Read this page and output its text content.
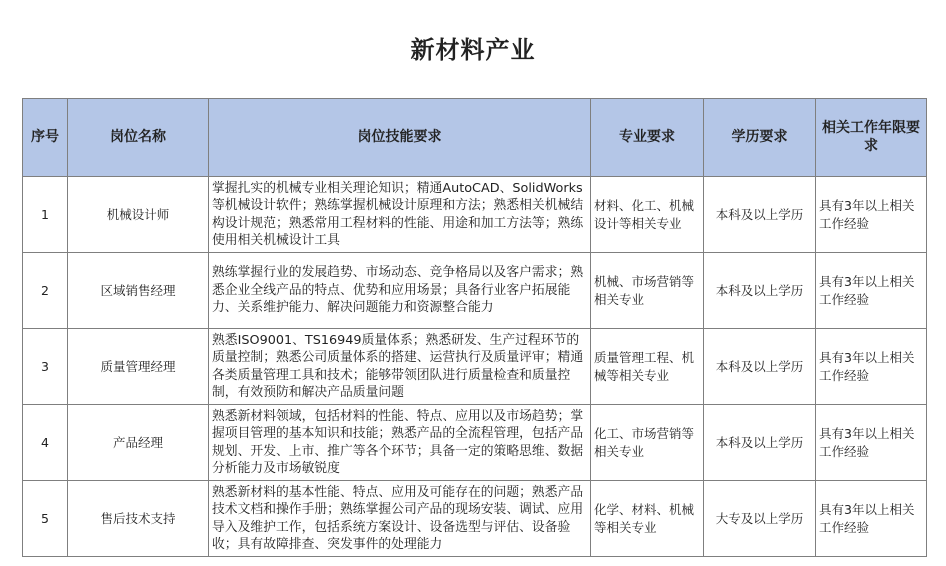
新材料产业
序号	岗位名称	岗位技能要求	专业要求	学历要求	相关工作年限要求
1	机械设计师	掌握扎实的机械专业相关理论知识；精通AutoCAD、SolidWorks等机械设计软件；熟练掌握机械设计原理和方法；熟悉相关机械结构设计规范；熟悉常用工程材料的性能、用途和加工方法等；熟练使用相关机械设计工具	材料、化工、机械设计等相关专业	本科及以上学历	具有3年以上相关工作经验
2	区域销售经理	熟练掌握行业的发展趋势、市场动态、竞争格局以及客户需求；熟悉企业全线产品的特点、优势和应用场景；具备行业客户拓展能力、关系维护能力、解决问题能力和资源整合能力	机械、市场营销等相关专业	本科及以上学历	具有3年以上相关工作经验
3	质量管理经理	熟悉ISO9001、TS16949质量体系；熟悉研发、生产过程环节的质量控制；熟悉公司质量体系的搭建、运营执行及质量评审；精通各类质量管理工具和技术；能够带领团队进行质量检查和质量控制，有效预防和解决产品质量问题	质量管理工程、机械等相关专业	本科及以上学历	具有3年以上相关工作经验
4	产品经理	熟悉新材料领域，包括材料的性能、特点、应用以及市场趋势；掌握项目管理的基本知识和技能；熟悉产品的全流程管理，包括产品规划、开发、上市、推广等各个环节；具备一定的策略思维、数据分析能力及市场敏锐度	化工、市场营销等相关专业	本科及以上学历	具有3年以上相关工作经验
5	售后技术支持	熟悉新材料的基本性能、特点、应用及可能存在的问题；熟悉产品技术文档和操作手册；熟练掌握公司产品的现场安装、调试、应用导入及维护工作，包括系统方案设计、设备选型与评估、设备验收；具有故障排查、突发事件的处理能力	化学、材料、机械等相关专业	大专及以上学历	具有3年以上相关工作经验
